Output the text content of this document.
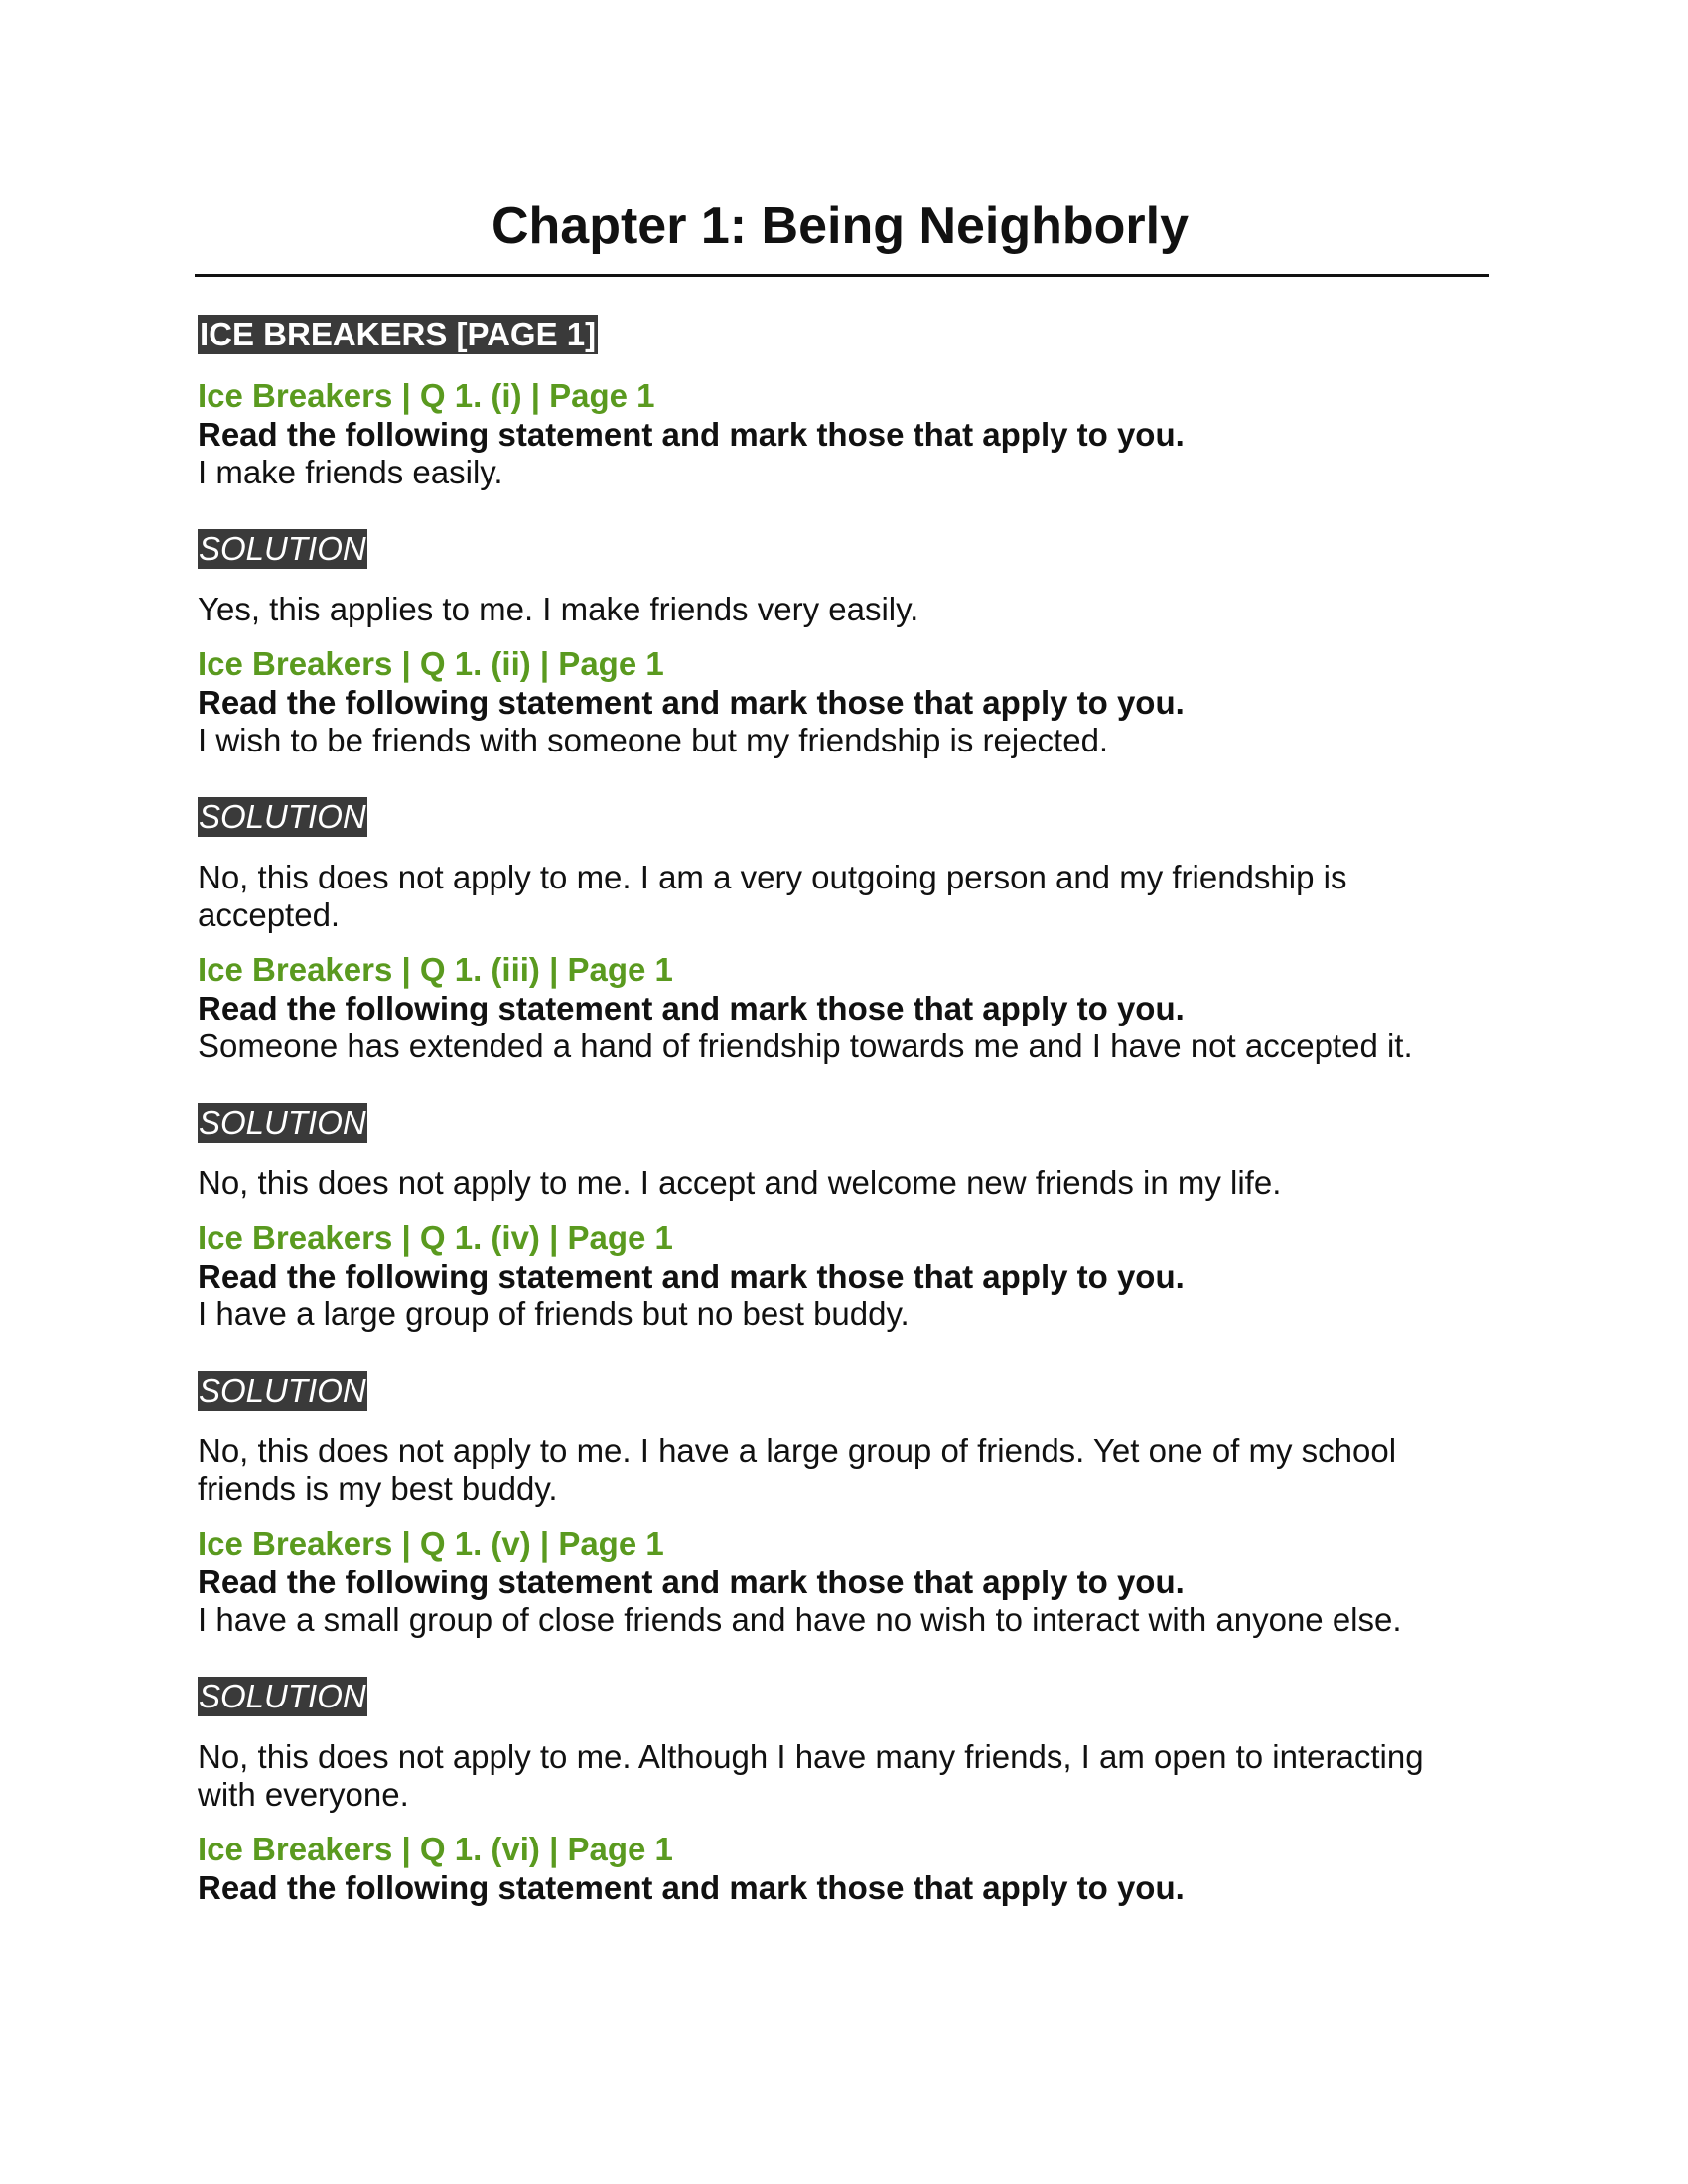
Chapter 1: Being Neighborly
ICE BREAKERS [PAGE 1]

Ice Breakers | Q 1. (i) | Page 1

Read the following statement and mark those that apply to you.

I make friends easily.

SOLUTION

Yes, this applies to me. I make friends very easily.

Ice Breakers | Q 1. (ii) | Page 1

Read the following statement and mark those that apply to you.

I wish to be friends with someone but my friendship is rejected.

SOLUTION

No, this does not apply to me. I am a very outgoing person and my friendship is accepted.

Ice Breakers | Q 1. (iii) | Page 1

Read the following statement and mark those that apply to you.

Someone has extended a hand of friendship towards me and I have not accepted it.

SOLUTION

No, this does not apply to me. I accept and welcome new friends in my life.

Ice Breakers | Q 1. (iv) | Page 1

Read the following statement and mark those that apply to you.

I have a large group of friends but no best buddy.

SOLUTION

No, this does not apply to me. I have a large group of friends. Yet one of my school friends is my best buddy.

Ice Breakers | Q 1. (v) | Page 1

Read the following statement and mark those that apply to you.

I have a small group of close friends and have no wish to interact with anyone else.

SOLUTION

No, this does not apply to me. Although I have many friends, I am open to interacting with everyone.

Ice Breakers | Q 1. (vi) | Page 1

Read the following statement and mark those that apply to you.
